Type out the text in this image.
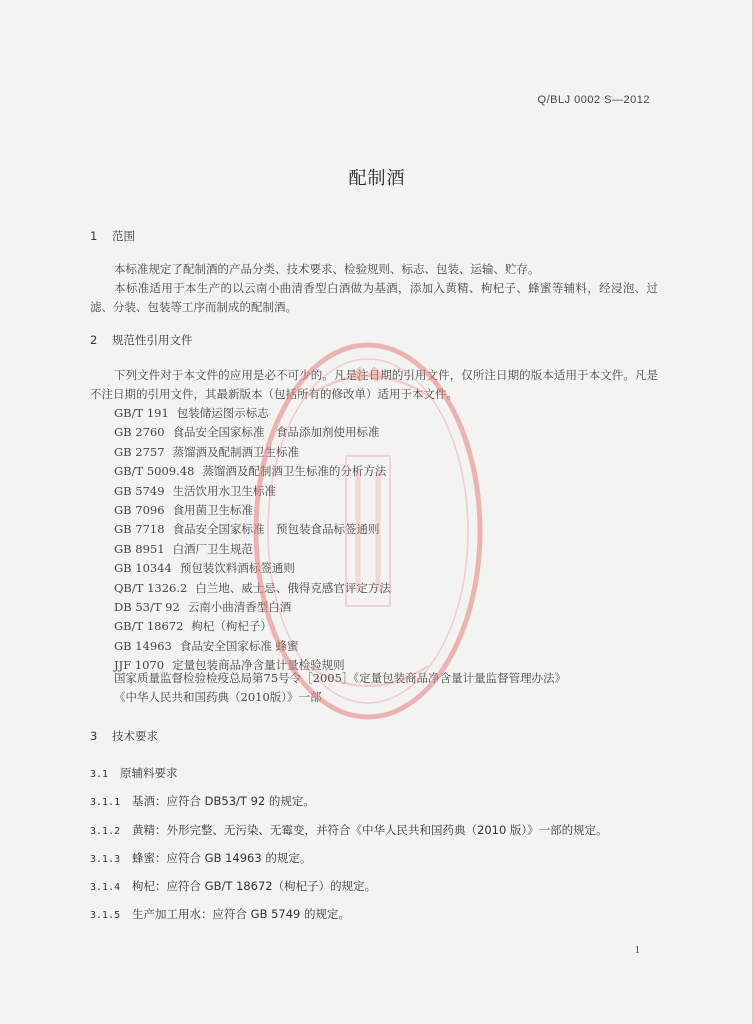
Q/BLJ 0002 S—2012
配制酒
1 范围
本标准规定了配制酒的产品分类、技术要求、检验规则、标志、包装、运输、贮存。
本标准适用于本生产的以云南小曲清香型白酒做为基酒，添加入黄精、枸杞子、蜂蜜等辅料，经浸泡、过滤、分装、包装等工序而制成的配制酒。
2 规范性引用文件
下列文件对于本文件的应用是必不可少的。凡是注日期的引用文件，仅所注日期的版本适用于本文件。凡是不注日期的引用文件，其最新版本（包括所有的修改单）适用于本文件。
GB/T 191 包装储运图示标志
GB 2760 食品安全国家标准　食品添加剂使用标准
GB 2757 蒸馏酒及配制酒卫生标准
GB/T 5009.48 蒸馏酒及配制酒卫生标准的分析方法
GB 5749 生活饮用水卫生标准
GB 7096 食用菌卫生标准
GB 7718 食品安全国家标准　预包装食品标签通则
GB 8951 白酒厂卫生规范
GB 10344 预包装饮料酒标签通则
QB/T 1326.2 白兰地、威士忌、俄得克感官评定方法
DB 53/T 92 云南小曲清香型白酒
GB/T 18672 枸杞（枸杞子）
GB 14963 食品安全国家标准 蜂蜜
JJF 1070 定量包装商品净含量计量检验规则
国家质量监督检验检疫总局第75号令［2005］《定量包装商品净含量计量监督管理办法》
《中华人民共和国药典（2010版）》一部
3 技术要求
3.1 原辅料要求
3.1.1 基酒：应符合 DB53/T 92 的规定。
3.1.2 黄精：外形完整、无污染、无霉变，并符合《中华人民共和国药典（2010 版）》一部的规定。
3.1.3 蜂蜜：应符合 GB 14963 的规定。
3.1.4 枸杞：应符合 GB/T 18672（枸杞子）的规定。
3.1.5 生产加工用水：应符合 GB 5749 的规定。
1
